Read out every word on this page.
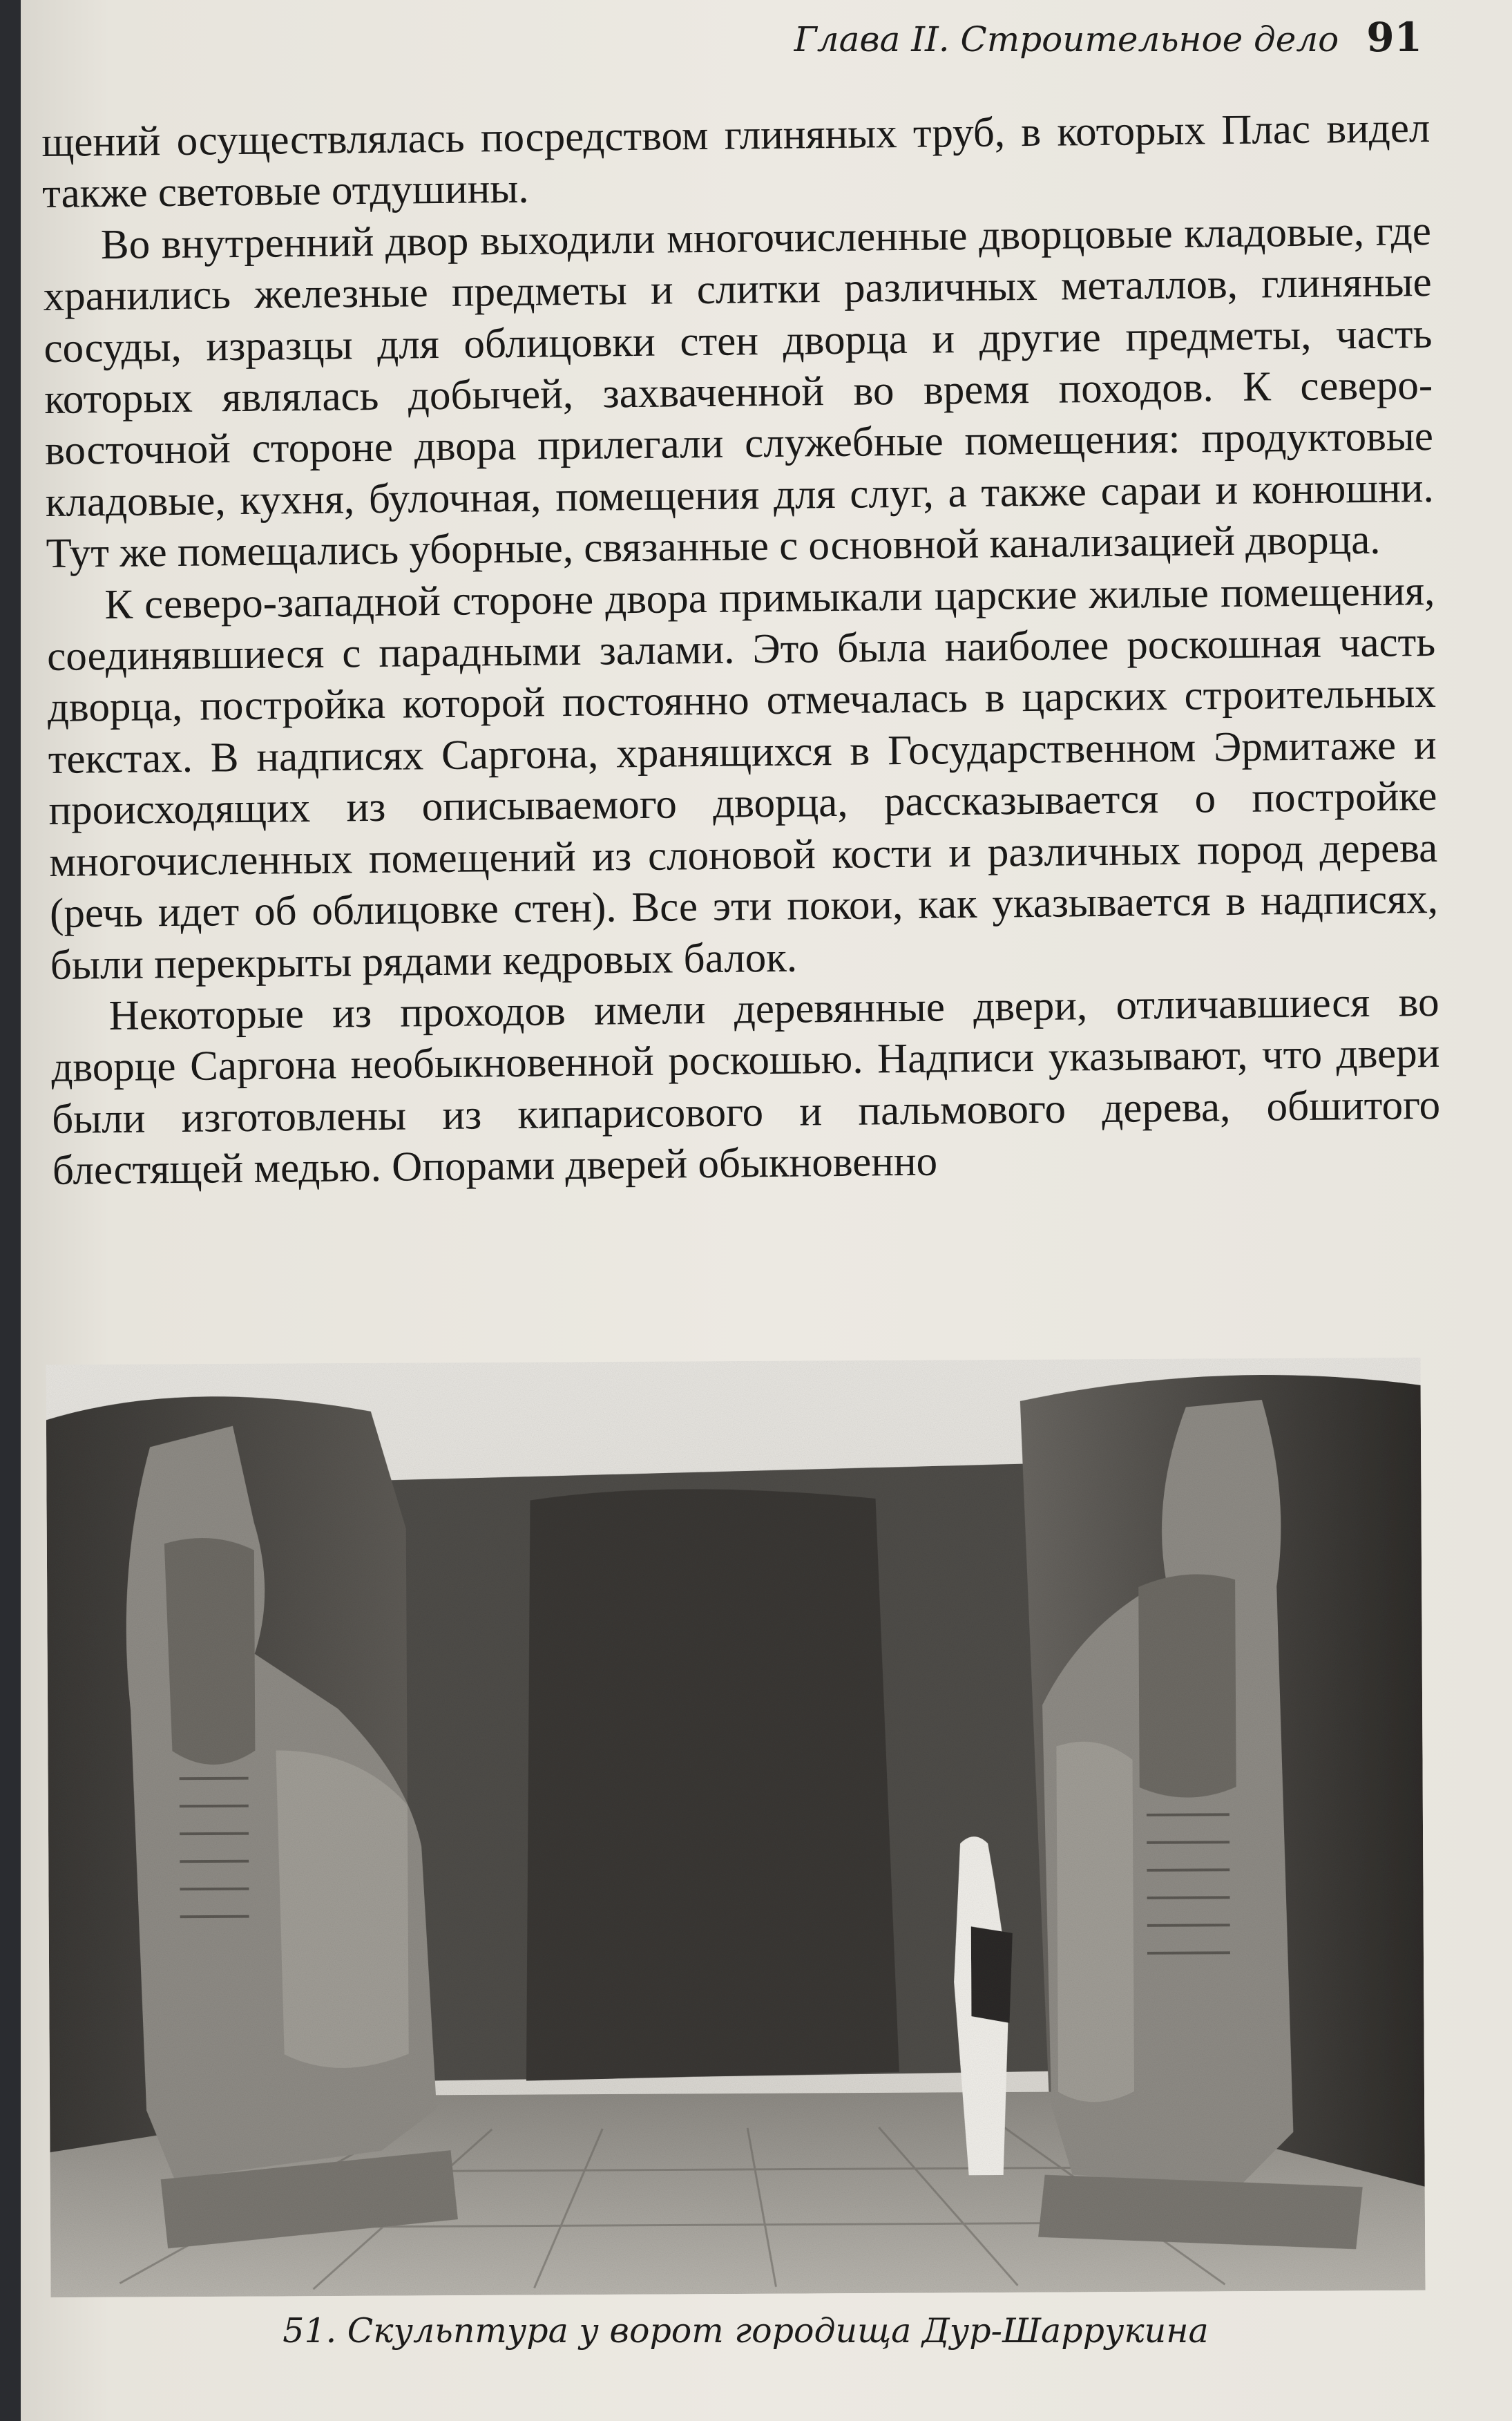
Глава II. Строительное дело 91

щений осуществлялась посредством глиняных труб, в которых Плас видел также световые отдушины.

Во внутренний двор выходили многочисленные дворцовые кладовые, где хранились железные предметы и слитки различных металлов, глиняные сосуды, изразцы для облицовки стен дворца и другие предметы, часть которых являлась добычей, захваченной во время походов. К северо-восточной стороне двора прилегали служебные помещения: продуктовые кладовые, кухня, булочная, помещения для слуг, а также сараи и конюшни. Тут же помещались уборные, связанные с основной канализацией дворца.

К северо-западной стороне двора примыкали царские жилые помещения, соединявшиеся с парадными залами. Это была наиболее роскошная часть дворца, постройка которой постоянно отмечалась в царских строительных текстах. В надписях Саргона, хранящихся в Государственном Эрмитаже и происходящих из описываемого дворца, рассказывается о постройке многочисленных помещений из слоновой кости и различных пород дерева (речь идет об облицовке стен). Все эти покои, как указывается в надписях, были перекрыты рядами кедровых балок.

Некоторые из проходов имели деревянные двери, отличавшиеся во дворце Саргона необыкновенной роскошью. Надписи указывают, что двери были изготовлены из кипарисового и пальмового дерева, обшитого блестящей медью. Опорами дверей обыкновенно

51. Скульптура у ворот городища Дур-Шаррукина
